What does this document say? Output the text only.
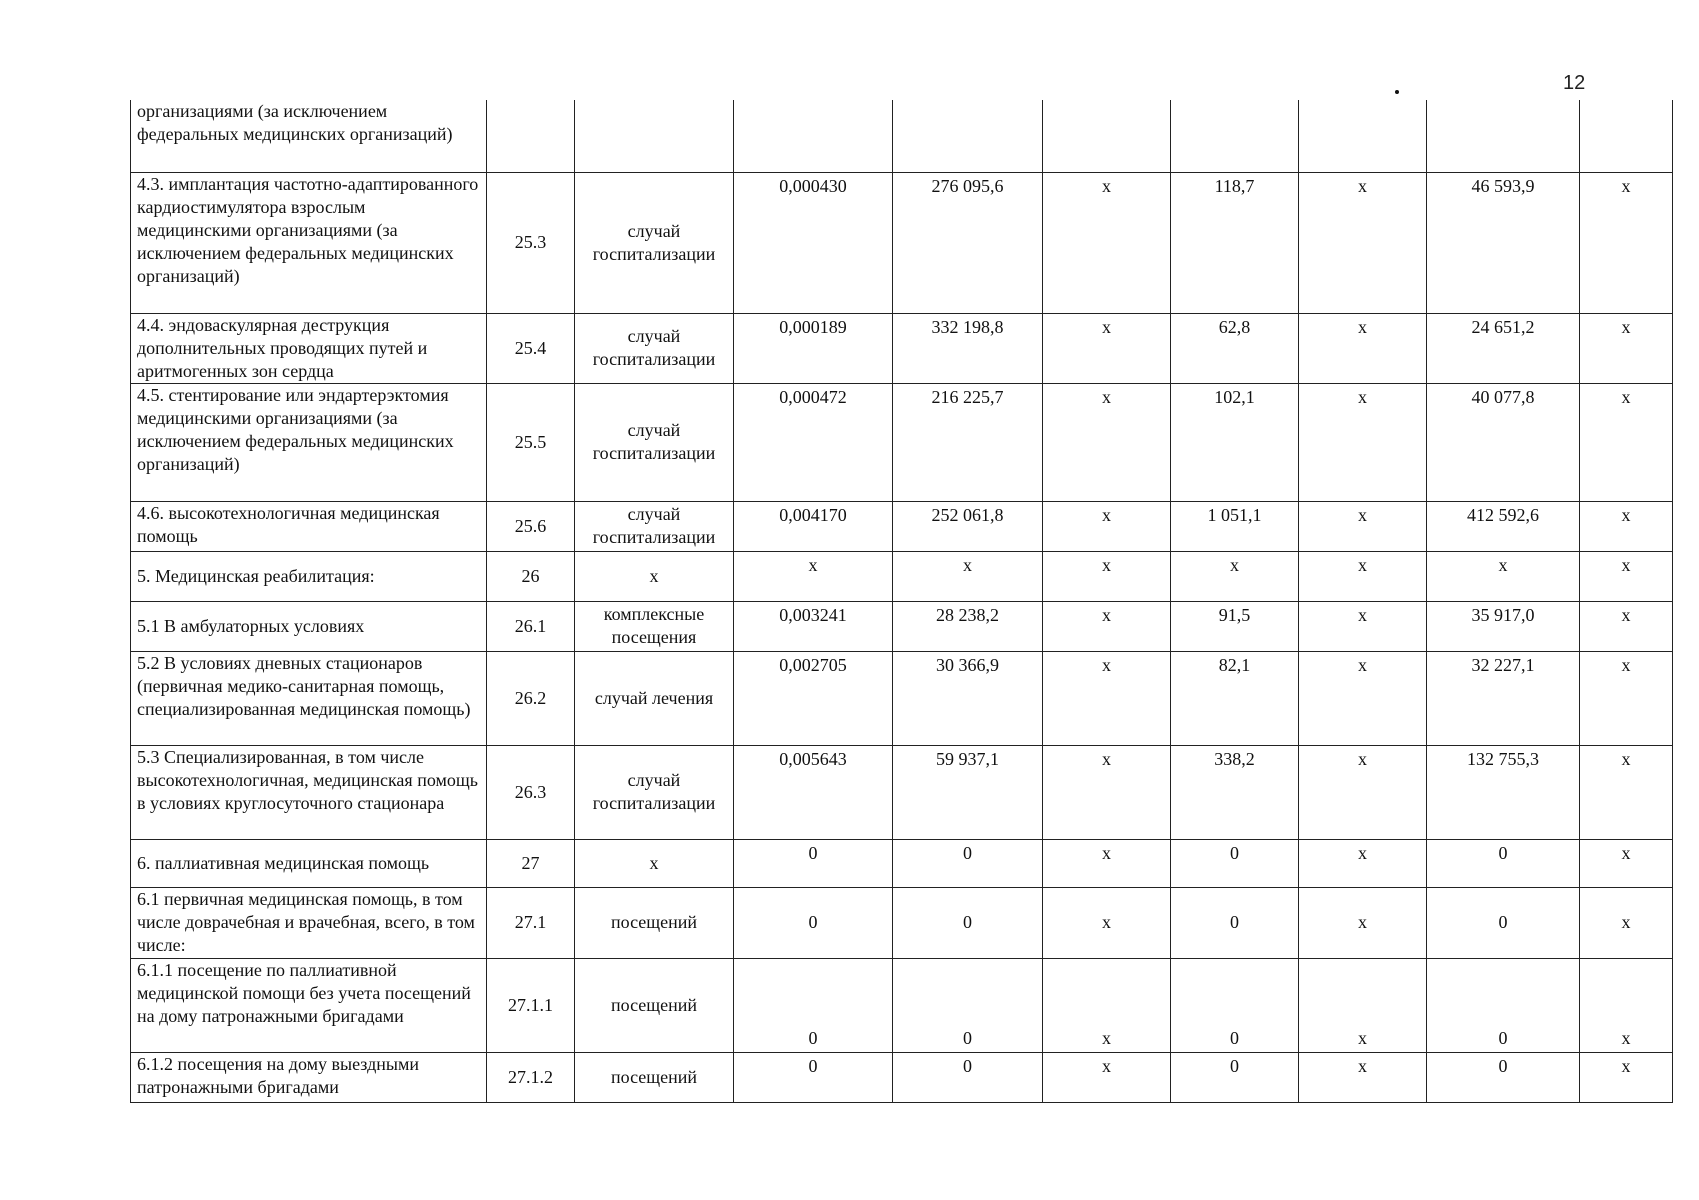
12
организациями (за исключением федеральных медицинских организаций)									
4.3. имплантация частотно-адаптированного кардиостимулятора взрослым медицинскими организациями (за исключением федеральных медицинских организаций)	25.3	случай госпитализации	0,000430	276 095,6	х	118,7	х	46 593,9	х
4.4. эндоваскулярная деструкция дополнительных проводящих путей и аритмогенных зон сердца	25.4	случай госпитализации	0,000189	332 198,8	х	62,8	х	24 651,2	х
4.5. стентирование или эндартерэктомия медицинскими организациями (за исключением федеральных медицинских организаций)	25.5	случай госпитализации	0,000472	216 225,7	х	102,1	х	40 077,8	х
4.6. высокотехнологичная медицинская помощь	25.6	случай госпитализации	0,004170	252 061,8	х	1 051,1	х	412 592,6	х
5. Медицинская реабилитация:	26	х	х	х	х	х	х	х	х
5.1 В амбулаторных условиях	26.1	комплексные посещения	0,003241	28 238,2	х	91,5	х	35 917,0	х
5.2 В условиях дневных стационаров (первичная медико-санитарная помощь, специализированная медицинская помощь)	26.2	случай лечения	0,002705	30 366,9	х	82,1	х	32 227,1	х
5.3 Специализированная, в том числе высокотехнологичная, медицинская помощь в условиях круглосуточного стационара	26.3	случай госпитализации	0,005643	59 937,1	х	338,2	х	132 755,3	х
6. паллиативная медицинская помощь	27	х	0	0	х	0	х	0	х
6.1 первичная медицинская помощь, в том числе доврачебная и врачебная, всего, в том числе:	27.1	посещений	0	0	х	0	х	0	х
6.1.1 посещение по паллиативной медицинской помощи без учета посещений на дому патронажными бригадами	27.1.1	посещений	0	0	х	0	х	0	х
6.1.2 посещения на дому выездными патронажными бригадами	27.1.2	посещений	0	0	х	0	х	0	х
